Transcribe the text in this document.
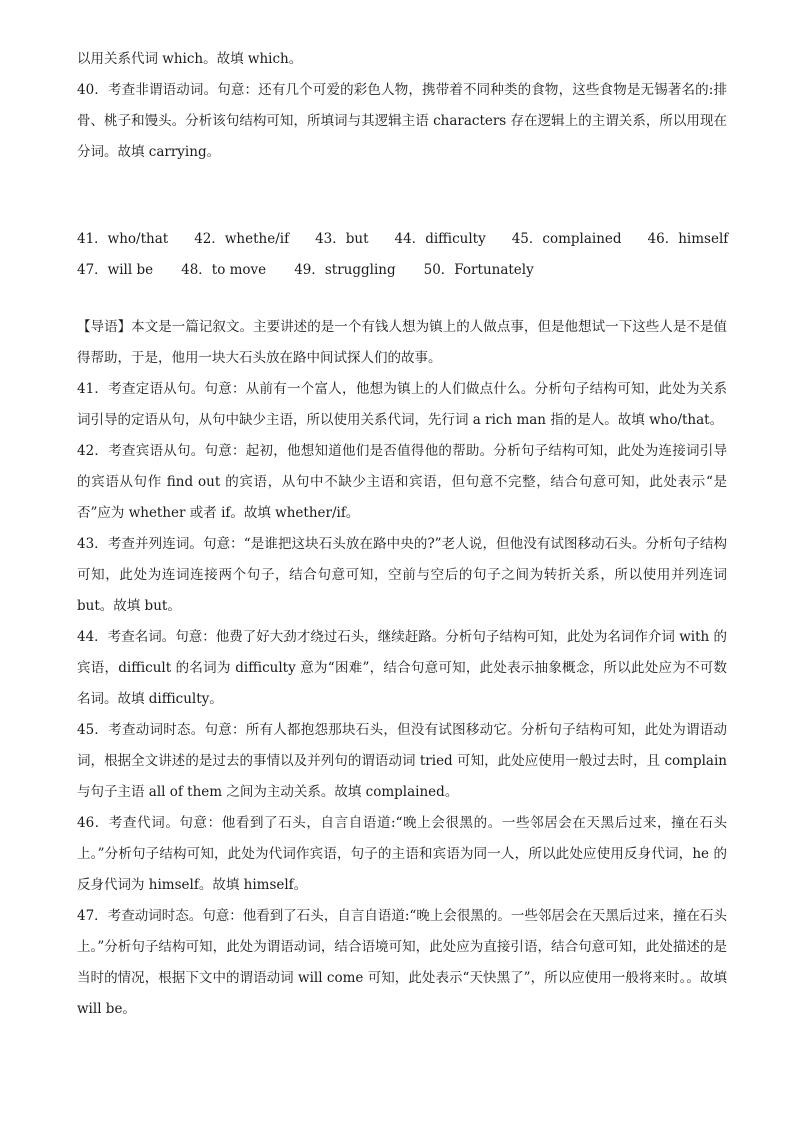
以用关系代词 which。故填 which。

40．考查非谓语动词。句意：还有几个可爱的彩色人物，携带着不同种类的食物，这些食物是无锡著名的:排骨、桃子和馒头。分析该句结构可知，所填词与其逻辑主语 characters 存在逻辑上的主谓关系，所以用现在分词。故填 carrying。

41．who/that 42．whethe/if 43．but 44．difficulty 45．complained 46．himself
47．will be 48．to move 49．struggling 50．Fortunately

【导语】本文是一篇记叙文。主要讲述的是一个有钱人想为镇上的人做点事，但是他想试一下这些人是不是值得帮助，于是，他用一块大石头放在路中间试探人们的故事。

41．考查定语从句。句意：从前有一个富人，他想为镇上的人们做点什么。分析句子结构可知，此处为关系词引导的定语从句，从句中缺少主语，所以使用关系代词，先行词 a rich man 指的是人。故填 who/that。

42．考查宾语从句。句意：起初，他想知道他们是否值得他的帮助。分析句子结构可知，此处为连接词引导的宾语从句作 find out 的宾语，从句中不缺少主语和宾语，但句意不完整，结合句意可知，此处表示“是否”应为 whether 或者 if。故填 whether/if。

43．考查并列连词。句意：“是谁把这块石头放在路中央的?”老人说，但他没有试图移动石头。分析句子结构可知，此处为连词连接两个句子，结合句意可知，空前与空后的句子之间为转折关系，所以使用并列连词 but。故填 but。

44．考查名词。句意：他费了好大劲才绕过石头，继续赶路。分析句子结构可知，此处为名词作介词 with 的宾语，difficult 的名词为 difficulty 意为“困难”，结合句意可知，此处表示抽象概念，所以此处应为不可数名词。故填 difficulty。

45．考查动词时态。句意：所有人都抱怨那块石头，但没有试图移动它。分析句子结构可知，此处为谓语动词，根据全文讲述的是过去的事情以及并列句的谓语动词 tried 可知，此处应使用一般过去时，且 complain 与句子主语 all of them 之间为主动关系。故填 complained。

46．考查代词。句意：他看到了石头，自言自语道:“晚上会很黑的。一些邻居会在天黑后过来，撞在石头上。”分析句子结构可知，此处为代词作宾语，句子的主语和宾语为同一人，所以此处应使用反身代词，he 的反身代词为 himself。故填 himself。

47．考查动词时态。句意：他看到了石头，自言自语道:“晚上会很黑的。一些邻居会在天黑后过来，撞在石头上。”分析句子结构可知，此处为谓语动词，结合语境可知，此处应为直接引语，结合句意可知，此处描述的是当时的情况，根据下文中的谓语动词 will come 可知，此处表示“天快黑了”，所以应使用一般将来时。。故填 will be。
